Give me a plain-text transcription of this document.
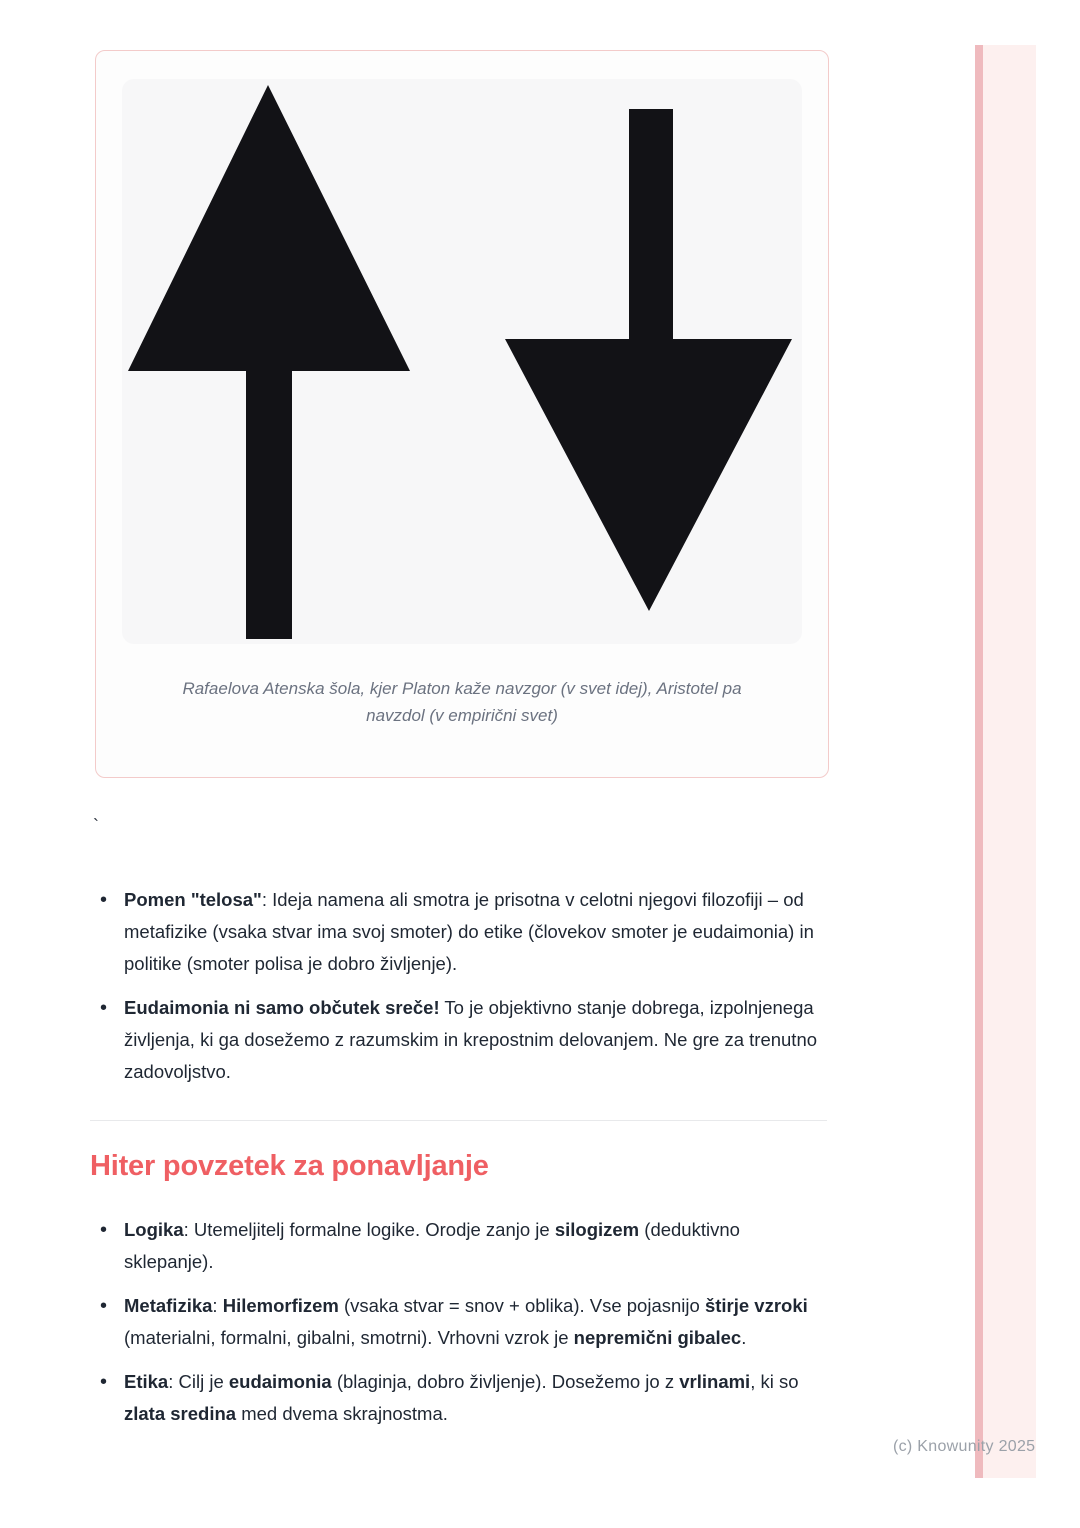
Rafaelova Atenska šola, kjer Platon kaže navzgor (v svet idej), Aristotel pa
navzdol (v empirični svet)
`
• Pomen "telosa": Ideja namena ali smotra je prisotna v celotni njegovi filozofiji – od metafizike (vsaka stvar ima svoj smoter) do etike (človekov smoter je eudaimonia) in politike (smoter polisa je dobro življenje).
• Eudaimonia ni samo občutek sreče! To je objektivno stanje dobrega, izpolnjenega življenja, ki ga dosežemo z razumskim in krepostnim delovanjem. Ne gre za trenutno zadovoljstvo.
Hiter povzetek za ponavljanje
• Logika: Utemeljitelj formalne logike. Orodje zanjo je silogizem (deduktivno sklepanje).
• Metafizika: Hilemorfizem (vsaka stvar = snov + oblika). Vse pojasnijo štirje vzroki (materialni, formalni, gibalni, smotrni). Vrhovni vzrok je nepremični gibalec.
• Etika: Cilj je eudaimonia (blaginja, dobro življenje). Dosežemo jo z vrlinami, ki so zlata sredina med dvema skrajnostma.
(c) Knowunity 2025
